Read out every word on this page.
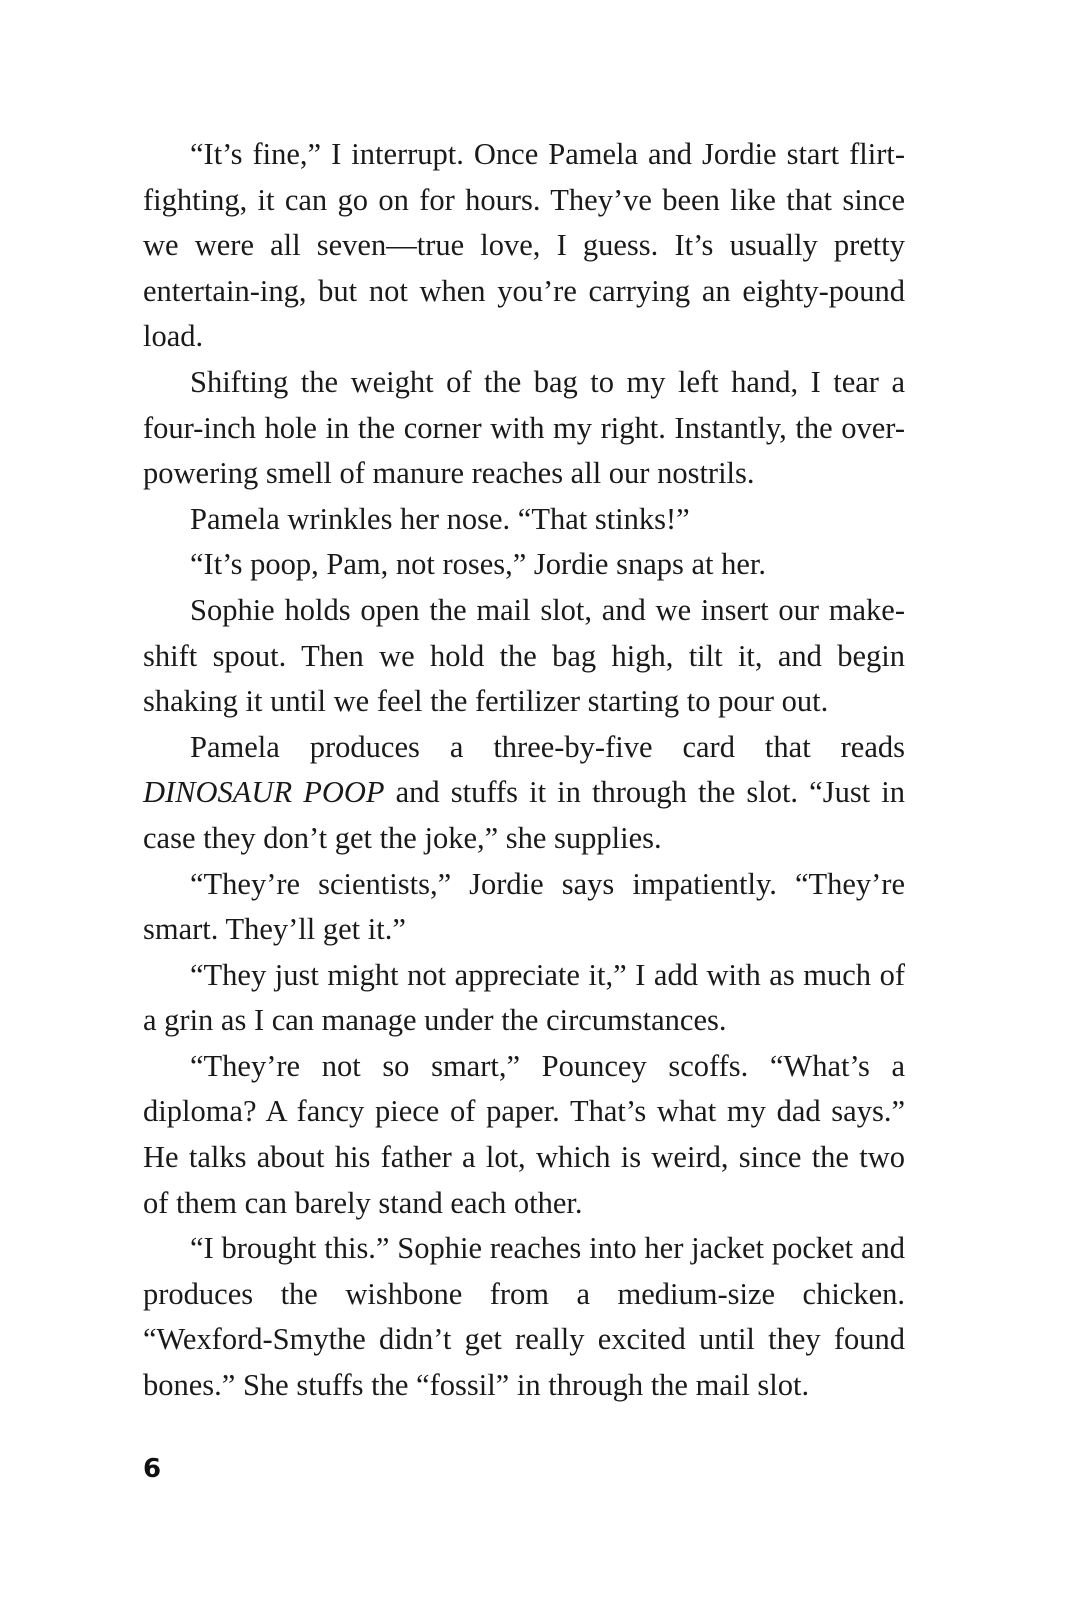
“It’s fine,” I interrupt. Once Pamela and Jordie start flirt-fighting, it can go on for hours. They’ve been like that since we were all seven—true love, I guess. It’s usually pretty entertain-ing, but not when you’re carrying an eighty-pound load.

Shifting the weight of the bag to my left hand, I tear a four-inch hole in the corner with my right. Instantly, the over-powering smell of manure reaches all our nostrils.

Pamela wrinkles her nose. “That stinks!”

“It’s poop, Pam, not roses,” Jordie snaps at her.

Sophie holds open the mail slot, and we insert our make-shift spout. Then we hold the bag high, tilt it, and begin shaking it until we feel the fertilizer starting to pour out.

Pamela produces a three-by-five card that reads DINOSAUR POOP and stuffs it in through the slot. “Just in case they don’t get the joke,” she supplies.

“They’re scientists,” Jordie says impatiently. “They’re smart. They’ll get it.”

“They just might not appreciate it,” I add with as much of a grin as I can manage under the circumstances.

“They’re not so smart,” Pouncey scoffs. “What’s a diploma? A fancy piece of paper. That’s what my dad says.” He talks about his father a lot, which is weird, since the two of them can barely stand each other.

“I brought this.” Sophie reaches into her jacket pocket and produces the wishbone from a medium-size chicken. “Wexford-Smythe didn’t get really excited until they found bones.” She stuffs the “fossil” in through the mail slot.

6
